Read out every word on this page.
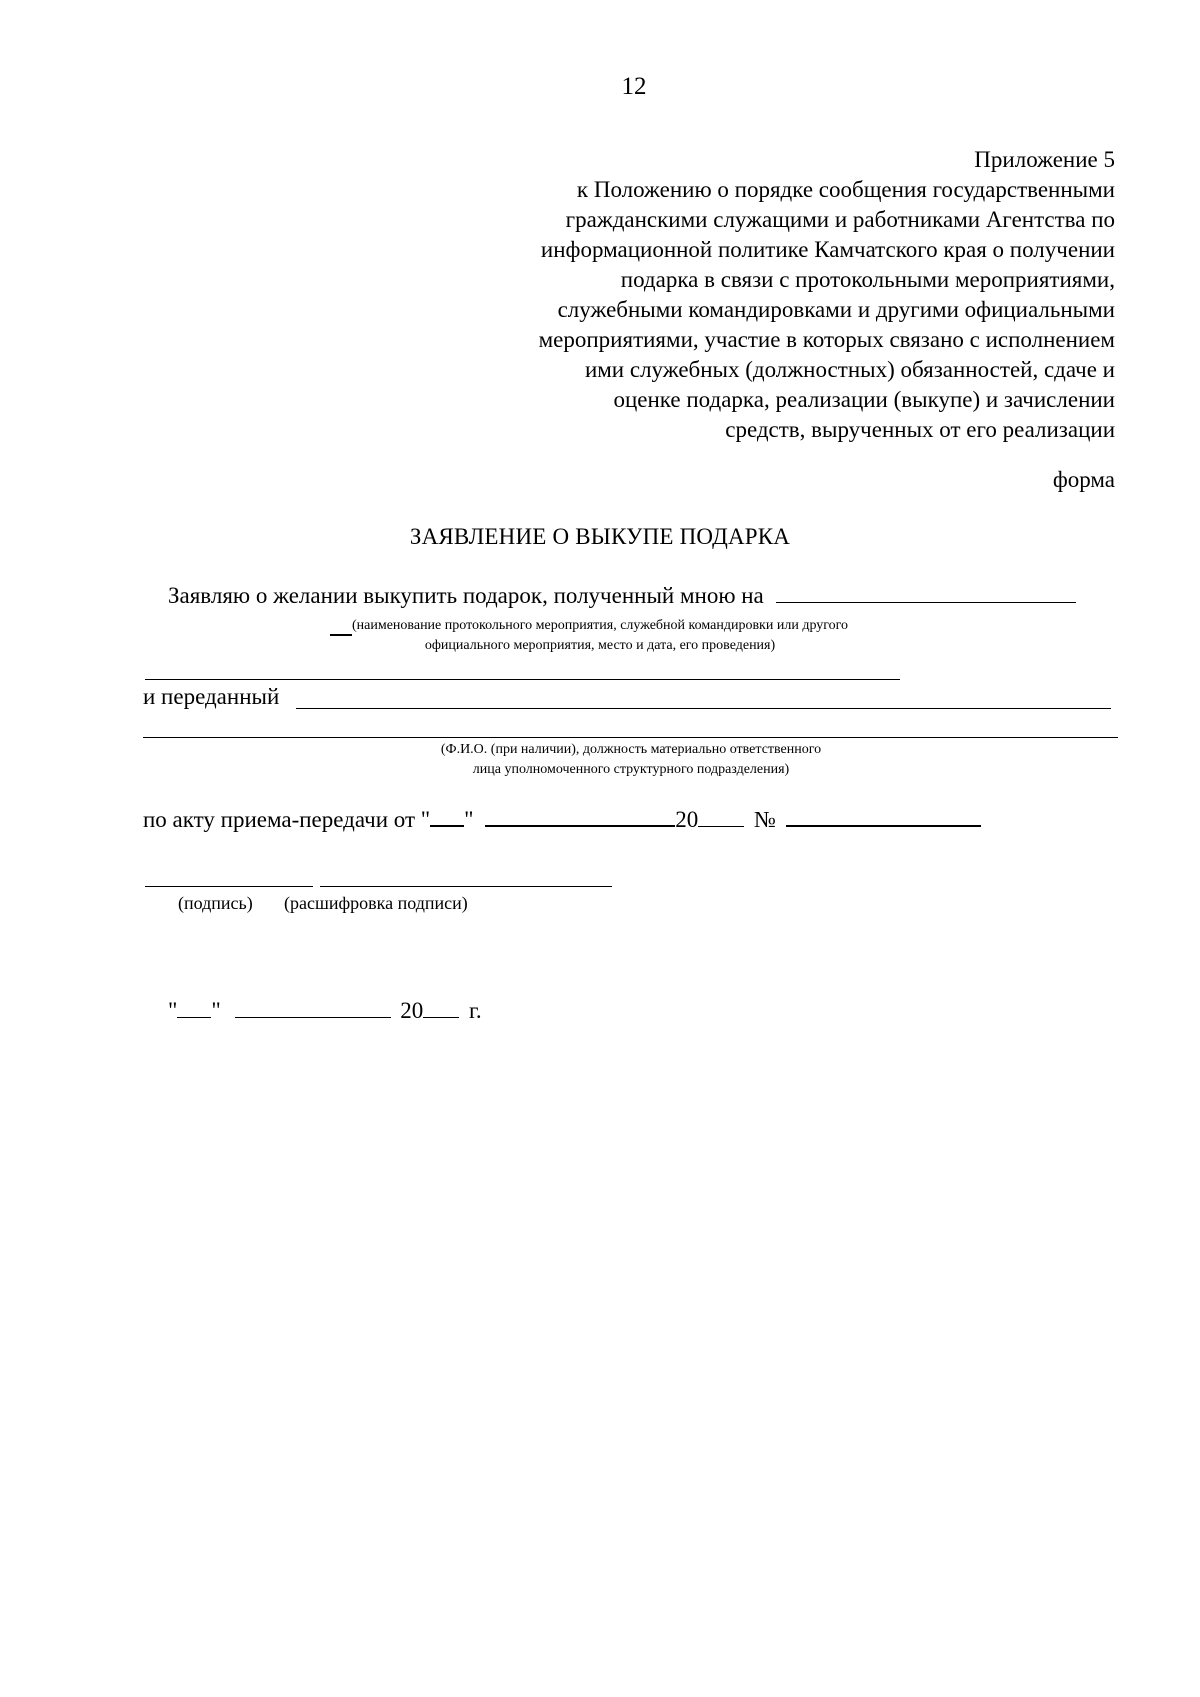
12
Приложение 5
к Положению о порядке сообщения государственными
гражданскими служащими и работниками Агентства по
информационной политике Камчатского края о получении
подарка в связи с протокольными мероприятиями,
служебными командировками и другими официальными
мероприятиями, участие в которых связано с исполнением
ими служебных (должностных) обязанностей, сдаче и
оценке подарка, реализации (выкупе) и зачислении
средств, вырученных от его реализации
форма
ЗАЯВЛЕНИЕ О ВЫКУПЕ ПОДАРКА
Заявляю о желании выкупить подарок, полученный мною на
(наименование протокольного мероприятия, служебной командировки или другого
официального мероприятия, место и дата, его проведения)
и переданный
(Ф.И.О. (при наличии), должность материально ответственного
лица уполномоченного структурного подразделения)
по акту приема-передачи от " "	20 №
(подпись) (расшифровка подписи)
" "	20 г.
